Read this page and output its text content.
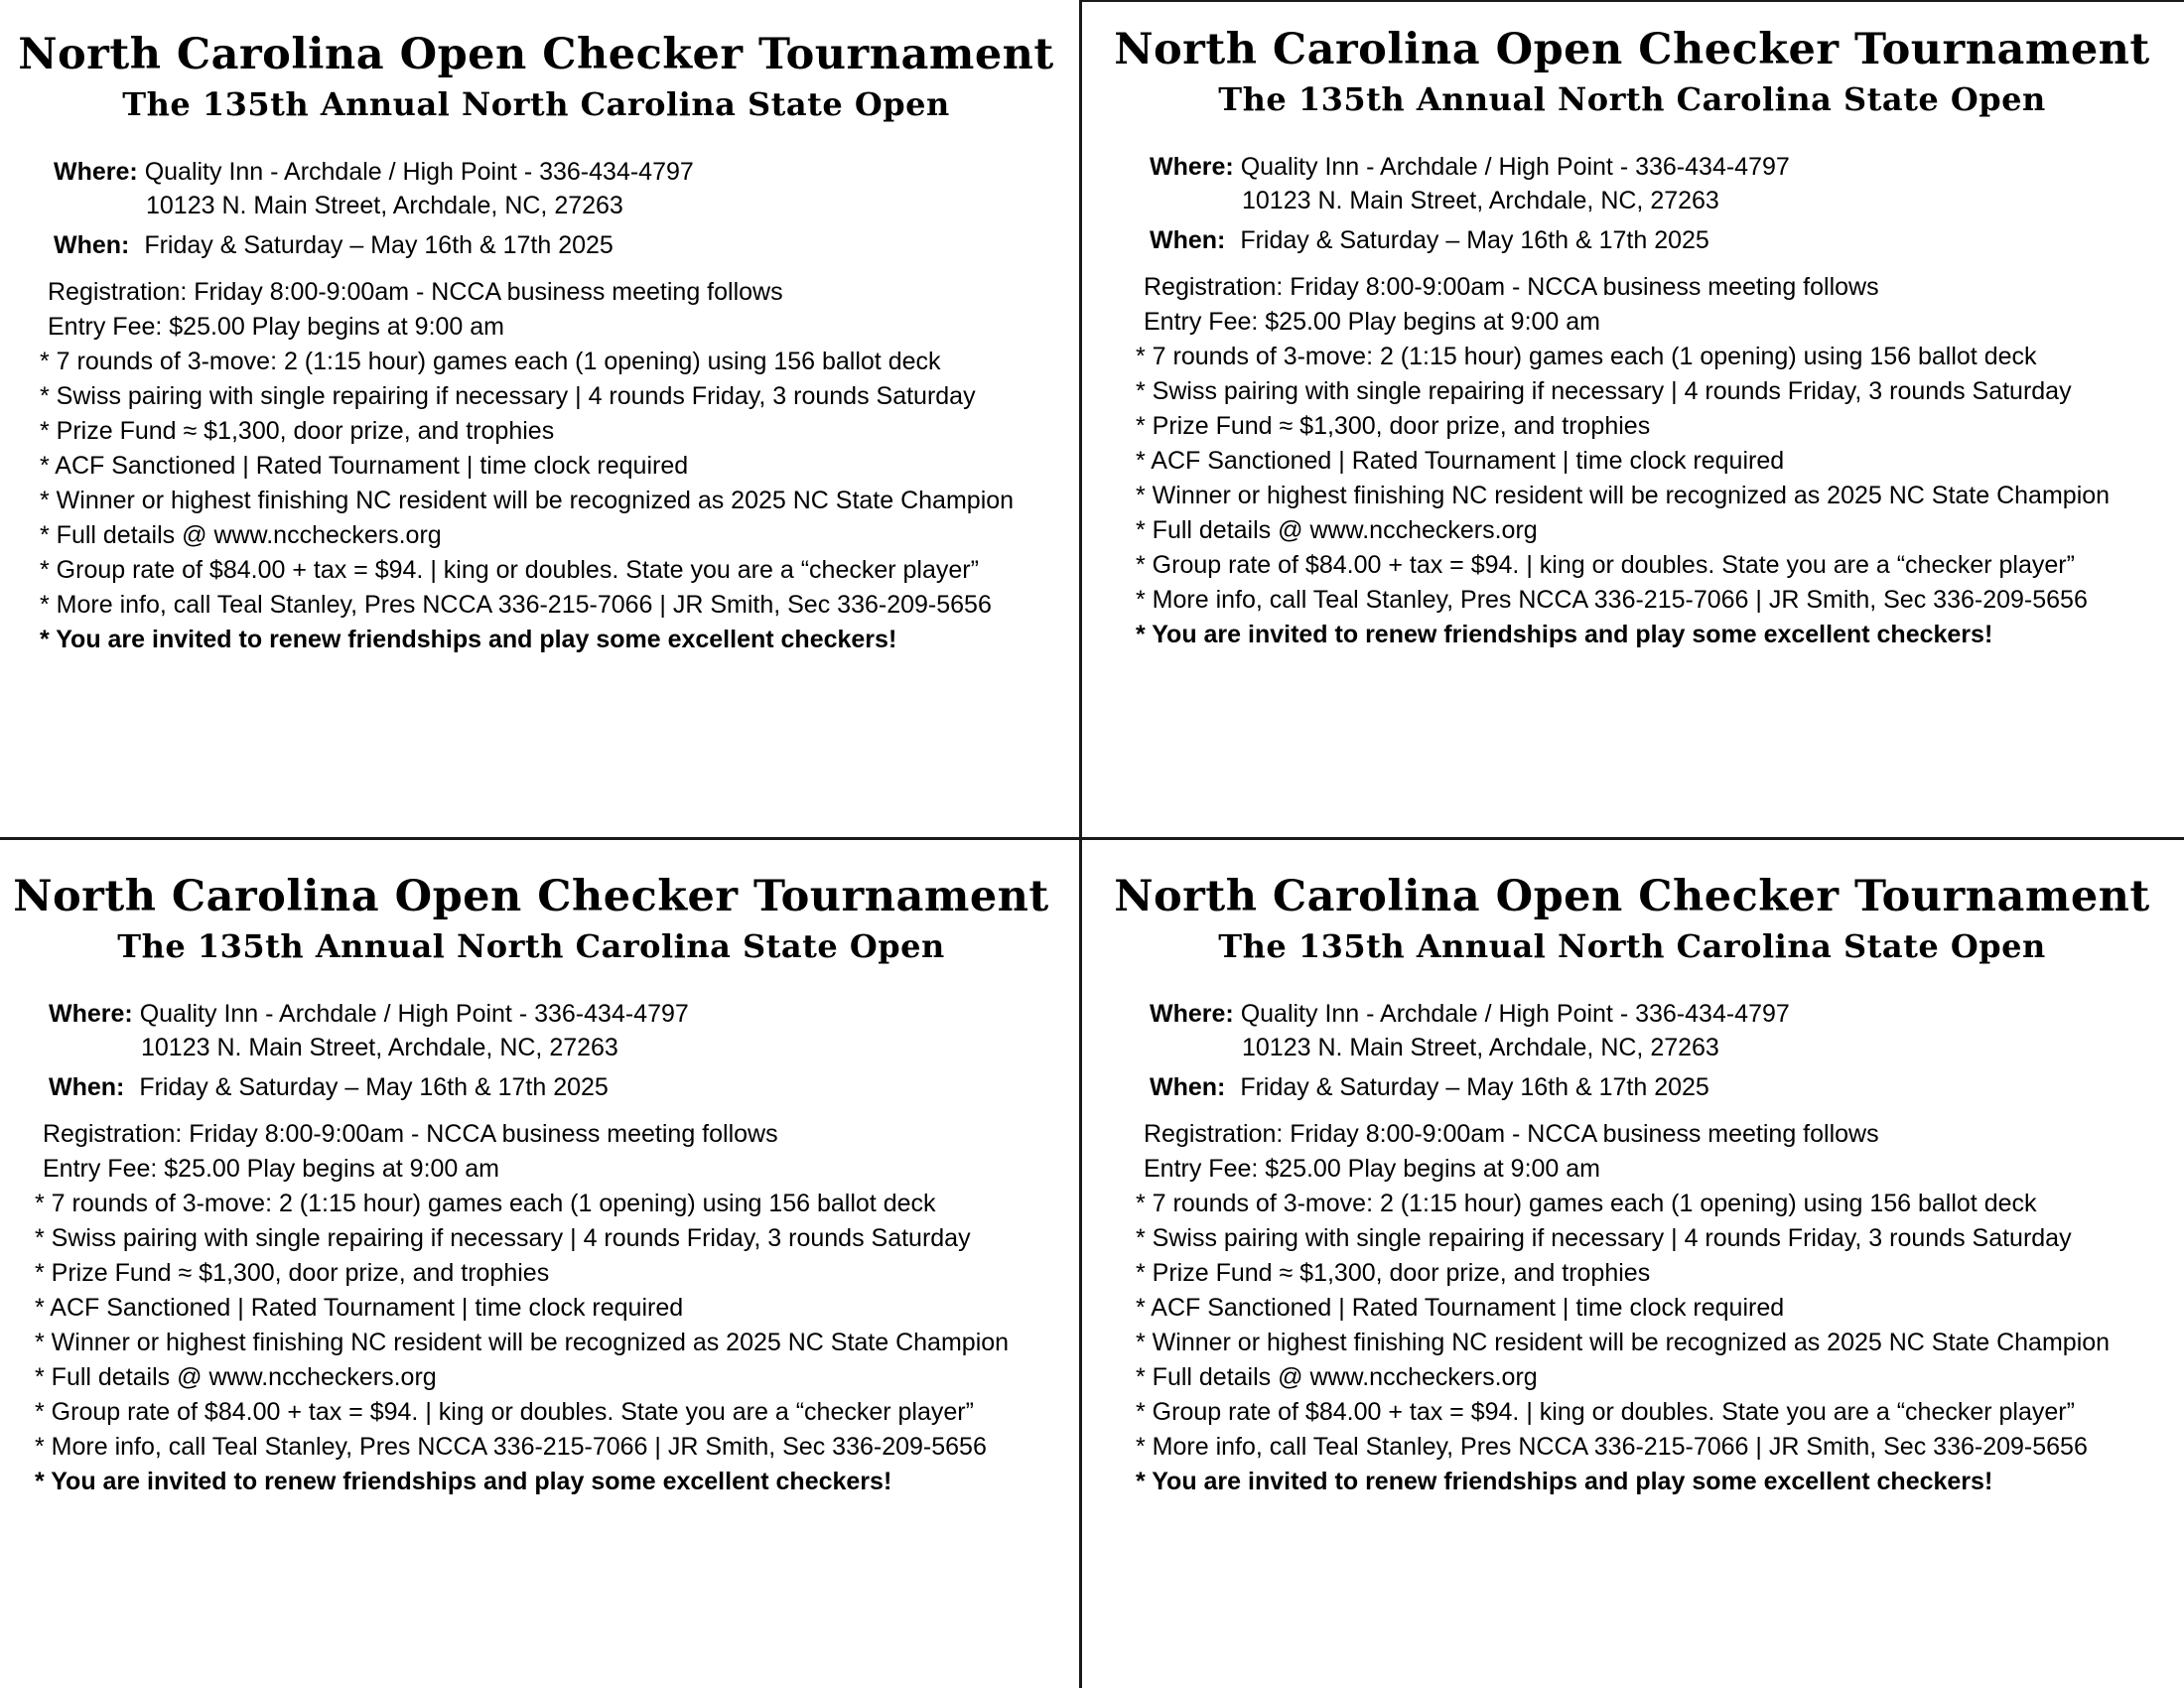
North Carolina Open Checker Tournament
The 135th Annual North Carolina State Open
Where: Quality Inn - Archdale / High Point - 336-434-4797
10123 N. Main Street, Archdale, NC, 27263
When: Friday & Saturday – May 16th & 17th 2025
Registration: Friday 8:00-9:00am - NCCA business meeting follows
Entry Fee: $25.00 Play begins at 9:00 am
* 7 rounds of 3-move: 2 (1:15 hour) games each (1 opening) using 156 ballot deck
* Swiss pairing with single repairing if necessary | 4 rounds Friday, 3 rounds Saturday
* Prize Fund ≈ $1,300, door prize, and trophies
* ACF Sanctioned | Rated Tournament | time clock required
* Winner or highest finishing NC resident will be recognized as 2025 NC State Champion
* Full details @ www.nccheckers.org
* Group rate of $84.00 + tax = $94. | king or doubles. State you are a “checker player”
* More info, call Teal Stanley, Pres NCCA 336-215-7066 | JR Smith, Sec 336-209-5656
* You are invited to renew friendships and play some excellent checkers!
North Carolina Open Checker Tournament
The 135th Annual North Carolina State Open
Where: Quality Inn - Archdale / High Point - 336-434-4797
10123 N. Main Street, Archdale, NC, 27263
When: Friday & Saturday – May 16th & 17th 2025
Registration: Friday 8:00-9:00am - NCCA business meeting follows
Entry Fee: $25.00 Play begins at 9:00 am
* 7 rounds of 3-move: 2 (1:15 hour) games each (1 opening) using 156 ballot deck
* Swiss pairing with single repairing if necessary | 4 rounds Friday, 3 rounds Saturday
* Prize Fund ≈ $1,300, door prize, and trophies
* ACF Sanctioned | Rated Tournament | time clock required
* Winner or highest finishing NC resident will be recognized as 2025 NC State Champion
* Full details @ www.nccheckers.org
* Group rate of $84.00 + tax = $94. | king or doubles. State you are a “checker player”
* More info, call Teal Stanley, Pres NCCA 336-215-7066 | JR Smith, Sec 336-209-5656
* You are invited to renew friendships and play some excellent checkers!
North Carolina Open Checker Tournament
The 135th Annual North Carolina State Open
Where: Quality Inn - Archdale / High Point - 336-434-4797
10123 N. Main Street, Archdale, NC, 27263
When: Friday & Saturday – May 16th & 17th 2025
Registration: Friday 8:00-9:00am - NCCA business meeting follows
Entry Fee: $25.00 Play begins at 9:00 am
* 7 rounds of 3-move: 2 (1:15 hour) games each (1 opening) using 156 ballot deck
* Swiss pairing with single repairing if necessary | 4 rounds Friday, 3 rounds Saturday
* Prize Fund ≈ $1,300, door prize, and trophies
* ACF Sanctioned | Rated Tournament | time clock required
* Winner or highest finishing NC resident will be recognized as 2025 NC State Champion
* Full details @ www.nccheckers.org
* Group rate of $84.00 + tax = $94. | king or doubles. State you are a “checker player”
* More info, call Teal Stanley, Pres NCCA 336-215-7066 | JR Smith, Sec 336-209-5656
* You are invited to renew friendships and play some excellent checkers!
North Carolina Open Checker Tournament
The 135th Annual North Carolina State Open
Where: Quality Inn - Archdale / High Point - 336-434-4797
10123 N. Main Street, Archdale, NC, 27263
When: Friday & Saturday – May 16th & 17th 2025
Registration: Friday 8:00-9:00am - NCCA business meeting follows
Entry Fee: $25.00 Play begins at 9:00 am
* 7 rounds of 3-move: 2 (1:15 hour) games each (1 opening) using 156 ballot deck
* Swiss pairing with single repairing if necessary | 4 rounds Friday, 3 rounds Saturday
* Prize Fund ≈ $1,300, door prize, and trophies
* ACF Sanctioned | Rated Tournament | time clock required
* Winner or highest finishing NC resident will be recognized as 2025 NC State Champion
* Full details @ www.nccheckers.org
* Group rate of $84.00 + tax = $94. | king or doubles. State you are a “checker player”
* More info, call Teal Stanley, Pres NCCA 336-215-7066 | JR Smith, Sec 336-209-5656
* You are invited to renew friendships and play some excellent checkers!
